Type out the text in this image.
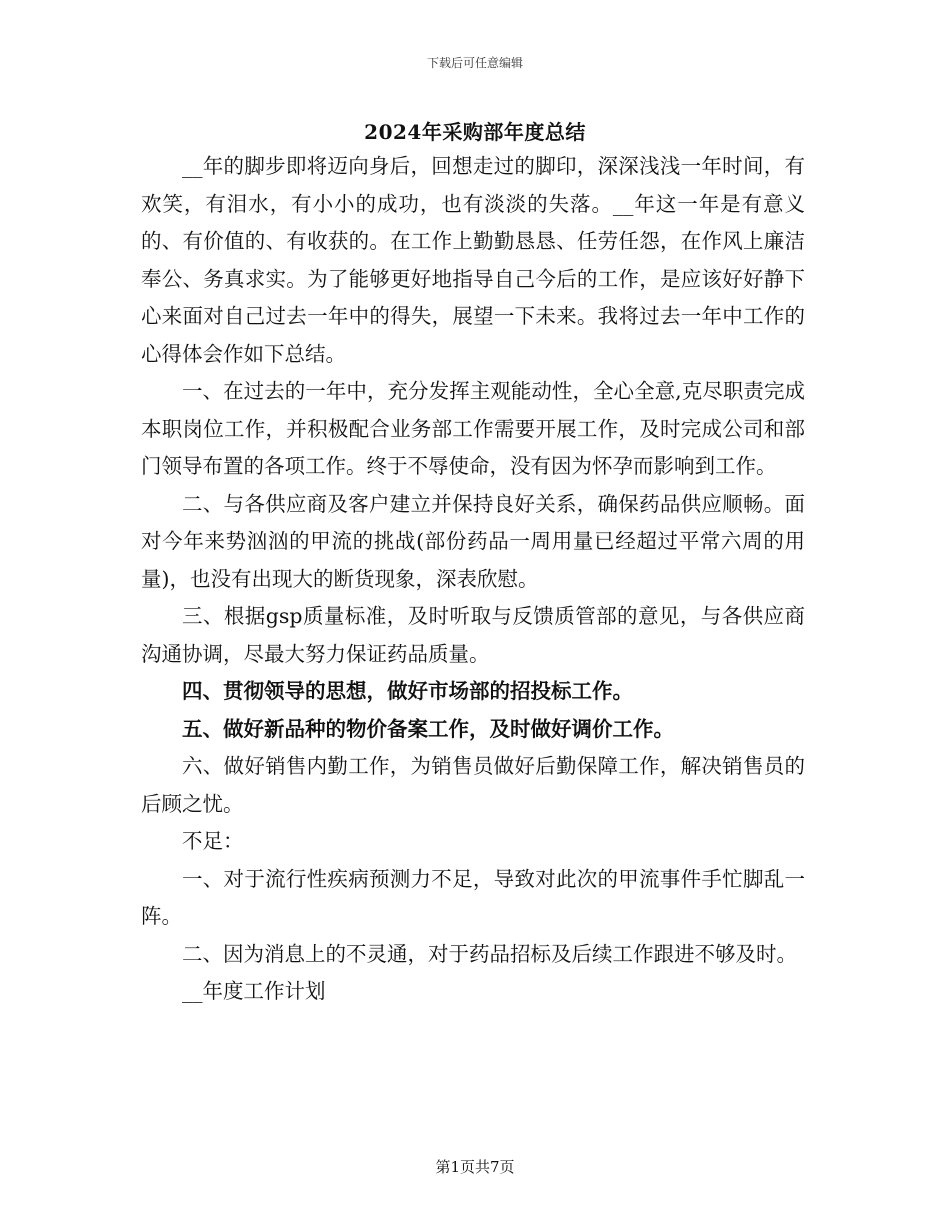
下载后可任意编辑
2024年采购部年度总结

__年的脚步即将迈向身后，回想走过的脚印，深深浅浅一年时间，有欢笑，有泪水，有小小的成功，也有淡淡的失落。__年这一年是有意义的、有价值的、有收获的。在工作上勤勤恳恳、任劳任怨，在作风上廉洁奉公、务真求实。为了能够更好地指导自己今后的工作，是应该好好静下心来面对自己过去一年中的得失，展望一下未来。我将过去一年中工作的心得体会作如下总结。

一、在过去的一年中，充分发挥主观能动性，全心全意,克尽职责完成本职岗位工作，并积极配合业务部工作需要开展工作，及时完成公司和部门领导布置的各项工作。终于不辱使命，没有因为怀孕而影响到工作。

二、与各供应商及客户建立并保持良好关系，确保药品供应顺畅。面对今年来势汹汹的甲流的挑战(部份药品一周用量已经超过平常六周的用量)，也没有出现大的断货现象，深表欣慰。

三、根据gsp质量标准，及时听取与反馈质管部的意见，与各供应商沟通协调，尽最大努力保证药品质量。

四、贯彻领导的思想，做好市场部的招投标工作。

五、做好新品种的物价备案工作，及时做好调价工作。

六、做好销售内勤工作，为销售员做好后勤保障工作，解决销售员的后顾之忧。

不足：

一、对于流行性疾病预测力不足，导致对此次的甲流事件手忙脚乱一阵。

二、因为消息上的不灵通，对于药品招标及后续工作跟进不够及时。

__年度工作计划

第1页共7页
